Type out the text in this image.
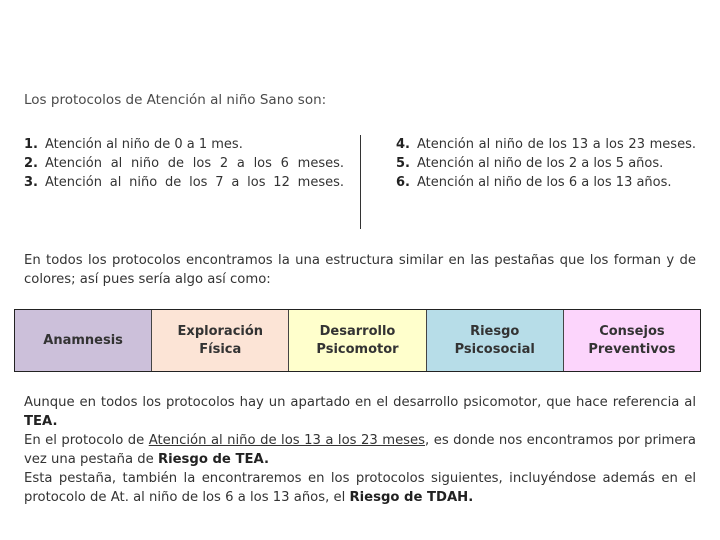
Los protocolos de Atención al niño Sano son:
1. Atención al niño de 0 a 1 mes.
2. Atención al niño de los 2 a los 6 meses.
3. Atención al niño de los 7 a los 12 meses.
4. Atención al niño de los 13 a los 23 meses.
5. Atención al niño de los 2 a los 5 años.
6. Atención al niño de los 6 a los 13 años.
En todos los protocolos encontramos la una estructura similar en las pestañas que los forman y de colores; así pues sería algo así como:
Anamnesis
Exploración
Física
Desarrollo
Psicomotor
Riesgo
Psicosocial
Consejos
Preventivos

Aunque en todos los protocolos hay un apartado en el desarrollo psicomotor, que hace referencia al TEA.

En el protocolo de Atención al niño de los 13 a los 23 meses, es donde nos encontramos por primera vez una pestaña de Riesgo de TEA.

Esta pestaña, también la encontraremos en los protocolos siguientes, incluyéndose además en el protocolo de At. al niño de los 6 a los 13 años, el Riesgo de TDAH.
